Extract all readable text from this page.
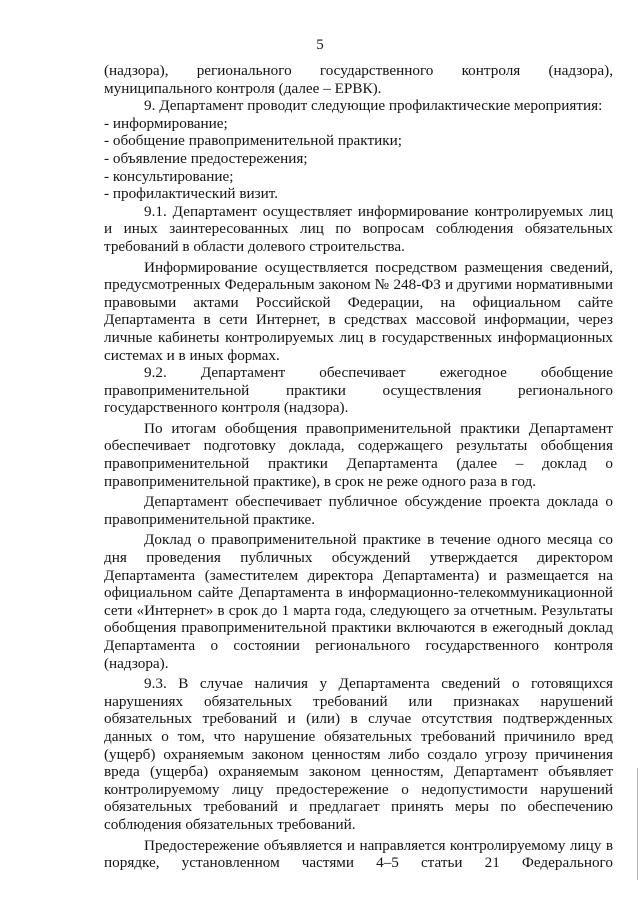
5

(надзора), регионального государственного контроля (надзора), муниципального контроля (далее – ЕРВК).

9. Департамент проводит следующие профилактические мероприятия:

- информирование;

- обобщение правоприменительной практики;

- объявление предостережения;

- консультирование;

- профилактический визит.

9.1. Департамент осуществляет информирование контролируемых лиц и иных заинтересованных лиц по вопросам соблюдения обязательных требований в области долевого строительства.

Информирование осуществляется посредством размещения сведений, предусмотренных Федеральным законом № 248-ФЗ и другими нормативными правовыми актами Российской Федерации, на официальном сайте Департамента в сети Интернет, в средствах массовой информации, через личные кабинеты контролируемых лиц в государственных информационных системах и в иных формах.

9.2. Департамент обеспечивает ежегодное обобщение правоприменительной практики осуществления регионального государственного контроля (надзора).

По итогам обобщения правоприменительной практики Департамент обеспечивает подготовку доклада, содержащего результаты обобщения правоприменительной практики Департамента (далее – доклад о правоприменительной практике), в срок не реже одного раза в год.

Департамент обеспечивает публичное обсуждение проекта доклада о правоприменительной практике.

Доклад о правоприменительной практике в течение одного месяца со дня проведения публичных обсуждений утверждается директором Департамента (заместителем директора Департамента) и размещается на официальном сайте Департамента в информационно-телекоммуникационной сети «Интернет» в срок до 1 марта года, следующего за отчетным. Результаты обобщения правоприменительной практики включаются в ежегодный доклад Департамента о состоянии регионального государственного контроля (надзора).

9.3. В случае наличия у Департамента сведений о готовящихся нарушениях обязательных требований или признаках нарушений обязательных требований и (или) в случае отсутствия подтвержденных данных о том, что нарушение обязательных требований причинило вред (ущерб) охраняемым законом ценностям либо создало угрозу причинения вреда (ущерба) охраняемым законом ценностям, Департамент объявляет контролируемому лицу предостережение о недопустимости нарушений обязательных требований и предлагает принять меры по обеспечению соблюдения обязательных требований.

Предостережение объявляется и направляется контролируемому лицу в порядке, установленном частями 4–5 статьи 21 Федерального
